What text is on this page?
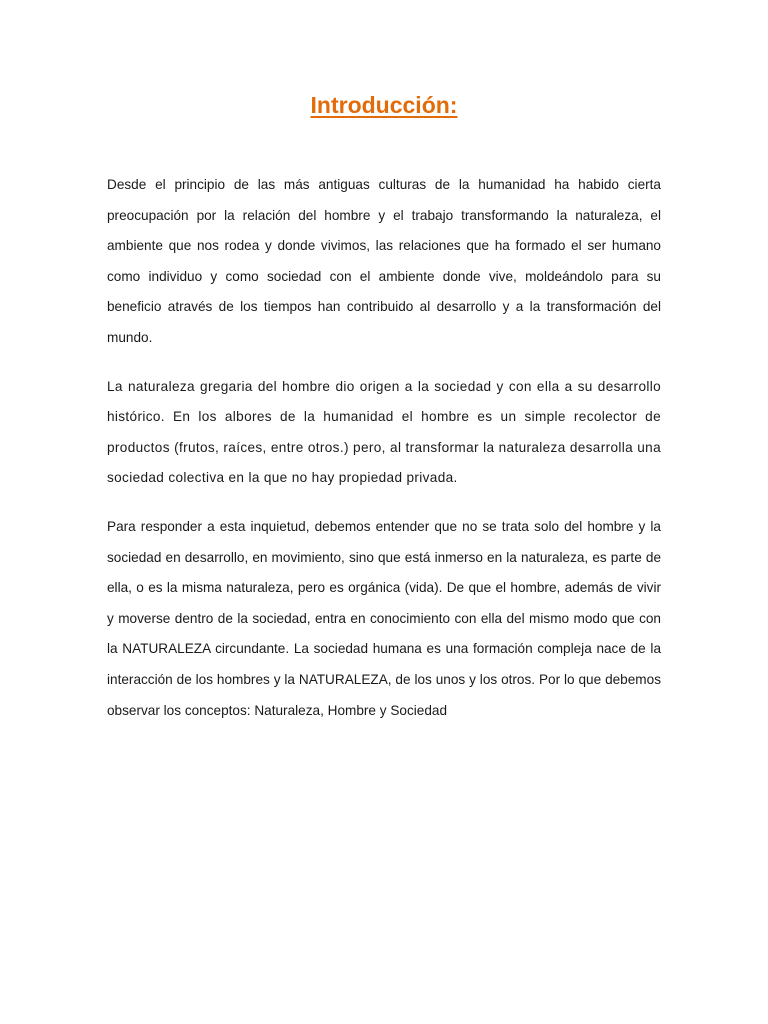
Introducción:

Desde el principio de las más antiguas culturas de la humanidad ha habido cierta preocupación por la relación del hombre y el trabajo transformando la naturaleza, el ambiente que nos rodea y donde vivimos, las relaciones que ha formado el ser humano como individuo y como sociedad con el ambiente donde vive, moldeándolo para su beneficio através de los tiempos han contribuido al desarrollo y a la transformación del mundo.

La naturaleza gregaria del hombre dio origen a la sociedad y con ella a su desarrollo histórico. En los albores de la humanidad el hombre es un simple recolector de productos (frutos, raíces, entre otros.) pero, al transformar la naturaleza desarrolla una sociedad colectiva en la que no hay propiedad privada.

Para responder a esta inquietud, debemos entender que no se trata solo del hombre y la sociedad en desarrollo, en movimiento, sino que está inmerso en la naturaleza, es parte de ella, o es la misma naturaleza, pero es orgánica (vida). De que el hombre, además de vivir y moverse dentro de la sociedad, entra en conocimiento con ella del mismo modo que con la NATURALEZA circundante. La sociedad humana es una formación compleja nace de la interacción de los hombres y la NATURALEZA, de los unos y los otros. Por lo que debemos observar los conceptos: Naturaleza, Hombre y Sociedad
